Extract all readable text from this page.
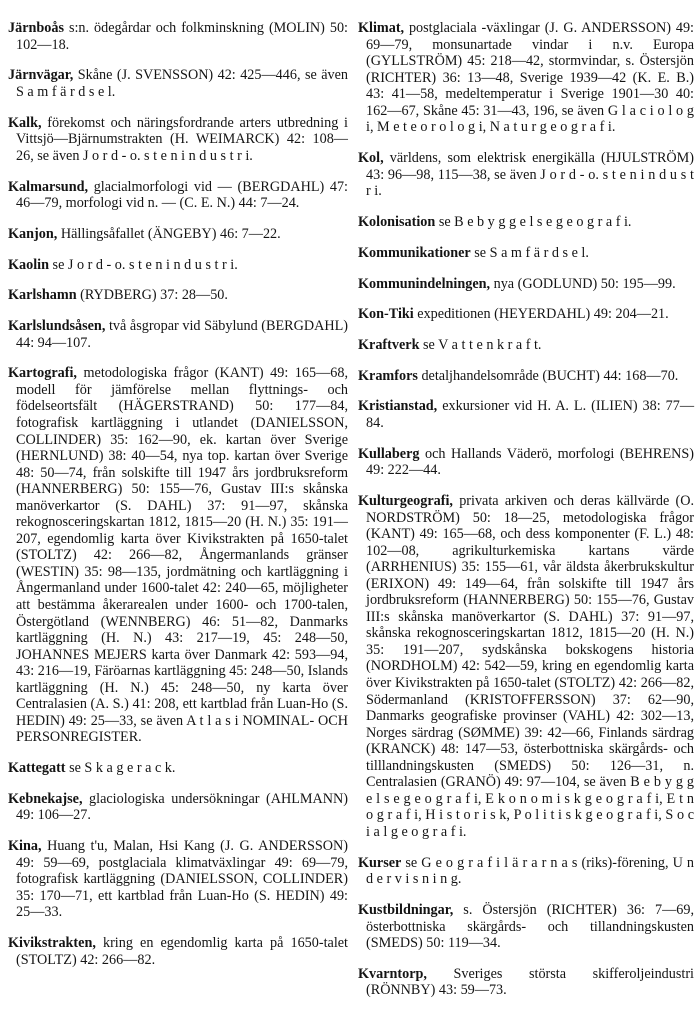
Järnboås s:n. ödegårdar och folkminskning (MOLIN) 50: 102—18.

Järnvägar, Skåne (J. SVENSSON) 42: 425—446, se även S a m f ä r d s e l.

Kalk, förekomst och näringsfordrande arters utbredning i Vittsjö—Bjärnumstrakten (H. WEIMARCK) 42: 108—26, se även J o r d - o. s t e n i n d u s t r i.

Kalmarsund, glacialmorfologi vid — (BERGDAHL) 47: 46—79, morfologi vid n. — (C. E. N.) 44: 7—24.

Kanjon, Hällingsåfallet (ÄNGEBY) 46: 7—22.

Kaolin se J o r d - o. s t e n i n d u s t r i.

Karlshamn (RYDBERG) 37: 28—50.

Karlslundsåsen, två åsgropar vid Säbylund (BERGDAHL) 44: 94—107.

Kartografi, metodologiska frågor (KANT) 49: 165—68, modell för jämförelse mellan flyttnings- och födelseortsfält (HÄGERSTRAND) 50: 177—84, fotografisk kartläggning i utlandet (DANIELSSON, COLLINDER) 35: 162—90, ek. kartan över Sverige (HERNLUND) 38: 40—54, nya top. kartan över Sverige 48: 50—74, från solskifte till 1947 års jordbruksreform (HANNERBERG) 50: 155—76, Gustav III:s skånska manöverkartor (S. DAHL) 37: 91—97, skånska rekognosceringskartan 1812, 1815—20 (H. N.) 35: 191—207, egendomlig karta över Kivikstrakten på 1650-talet (STOLTZ) 42: 266—82, Ångermanlands gränser (WESTIN) 35: 98—135, jordmätning och kartläggning i Ångermanland under 1600-talet 42: 240—65, möjligheter att bestämma åkerarealen under 1600- och 1700-talen, Östergötland (WENNBERG) 46: 51—82, Danmarks kartläggning (H. N.) 43: 217—19, 45: 248—50, JOHANNES MEJERS karta över Danmark 42: 593—94, 43: 216—19, Färöarnas kartläggning 45: 248—50, Islands kartläggning (H. N.) 45: 248—50, ny karta över Centralasien (A. S.) 41: 208, ett kartblad från Luan-Ho (S. HEDIN) 49: 25—33, se även A t l a s i NOMINAL- OCH PERSONREGISTER.

Kattegatt se S k a g e r a c k.

Kebnekajse, glaciologiska undersökningar (AHLMANN) 49: 106—27.

Kina, Huang t'u, Malan, Hsi Kang (J. G. ANDERSSON) 49: 59—69, postglaciala klimatväxlingar 49: 69—79, fotografisk kartläggning (DANIELSSON, COLLINDER) 35: 170—71, ett kartblad från Luan-Ho (S. HEDIN) 49: 25—33.

Kivikstrakten, kring en egendomlig karta på 1650-talet (STOLTZ) 42: 266—82.

Klimat, postglaciala -växlingar (J. G. ANDERSSON) 49: 69—79, monsunartade vindar i n.v. Europa (GYLLSTRÖM) 45: 218—42, stormvindar, s. Östersjön (RICHTER) 36: 13—48, Sverige 1939—42 (K. E. B.) 43: 41—58, medeltemperatur i Sverige 1901—30 40: 162—67, Skåne 45: 31—43, 196, se även G l a c i o l o g i, M e t e o r o l o g i, N a t u r g e o g r a f i.

Kol, världens, som elektrisk energikälla (HJULSTRÖM) 43: 96—98, 115—38, se även J o r d - o. s t e n i n d u s t r i.

Kolonisation se B e b y g g e l s e g e o g r a f i.

Kommunikationer se S a m f ä r d s e l.

Kommunindelningen, nya (GODLUND) 50: 195—99.

Kon-Tiki expeditionen (HEYERDAHL) 49: 204—21.

Kraftverk se V a t t e n k r a f t.

Kramfors detaljhandelsområde (BUCHT) 44: 168—70.

Kristianstad, exkursioner vid H. A. L. (ILIEN) 38: 77—84.

Kullaberg och Hallands Väderö, morfologi (BEHRENS) 49: 222—44.

Kulturgeografi, privata arkiven och deras källvärde (O. NORDSTRÖM) 50: 18—25, metodologiska frågor (KANT) 49: 165—68, och dess komponenter (F. L.) 48: 102—08, agrikulturkemiska kartans värde (ARRHENIUS) 35: 155—61, vår äldsta åkerbrukskultur (ERIXON) 49: 149—64, från solskifte till 1947 års jordbruksreform (HANNERBERG) 50: 155—76, Gustav III:s skånska manöverkartor (S. DAHL) 37: 91—97, skånska rekognosceringskartan 1812, 1815—20 (H. N.) 35: 191—207, sydskånska bokskogens historia (NORDHOLM) 42: 542—59, kring en egendomlig karta över Kivikstrakten på 1650-talet (STOLTZ) 42: 266—82, Södermanland (KRISTOFFERSSON) 37: 62—90, Danmarks geografiske provinser (VAHL) 42: 302—13, Norges särdrag (SØMME) 39: 42—66, Finlands särdrag (KRANCK) 48: 147—53, österbottniska skärgårds- och tilllandningskusten (SMEDS) 50: 126—31, n. Centralasien (GRANÖ) 49: 97—104, se även B e b y g g e l s e g e o g r a f i, E k o n o m i s k g e o g r a f i, E t n o g r a f i, H i s t o r i s k, P o l i t i s k g e o g r a f i, S o c i a l g e o g r a f i.

Kurser se G e o g r a f i l ä r a r n a s (riks)-förening, U n d e r v i s n i n g.

Kustbildningar, s. Östersjön (RICHTER) 36: 7—69, österbottniska skärgårds- och tillandningskusten (SMEDS) 50: 119—34.

Kvarntorp, Sveriges största skifferoljeindustri (RÖNNBY) 43: 59—73.
